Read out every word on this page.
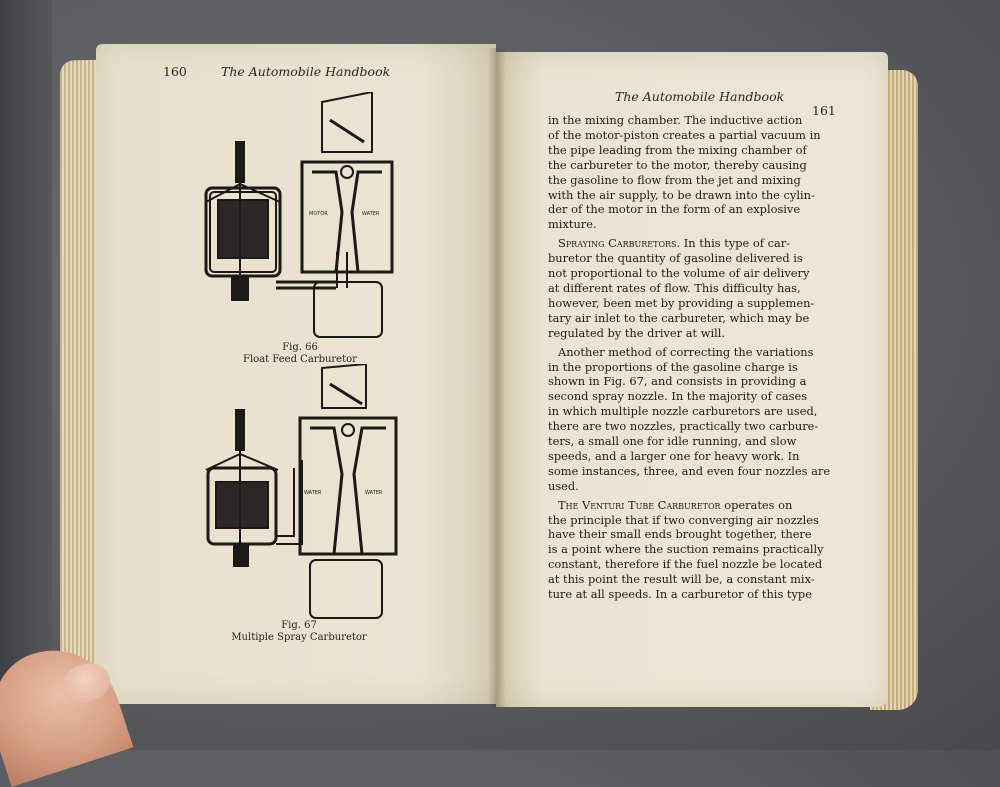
160	The Automobile Handbook
MOTOR	WATER
Fig. 66
Float Feed Carburetor
WATER	WATER
Fig. 67
Multiple Spray Carburetor
The Automobile Handbook
161

in the mixing chamber. The inductive action
of the motor-piston creates a partial vacuum in
the pipe leading from the mixing chamber of
the carbureter to the motor, thereby causing
the gasoline to flow from the jet and mixing
with the air supply, to be drawn into the cylin-
der of the motor in the form of an explosive
mixture.

Spraying Carburetors. In this type of car-
buretor the quantity of gasoline delivered is
not proportional to the volume of air delivery
at different rates of flow. This difficulty has,
however, been met by providing a supplemen-
tary air inlet to the carbureter, which may be
regulated by the driver at will.

Another method of correcting the variations
in the proportions of the gasoline charge is
shown in Fig. 67, and consists in providing a
second spray nozzle. In the majority of cases
in which multiple nozzle carburetors are used,
there are two nozzles, practically two carbure-
ters, a small one for idle running, and slow
speeds, and a larger one for heavy work. In
some instances, three, and even four nozzles are
used.

The Venturi Tube Carburetor operates on
the principle that if two converging air nozzles
have their small ends brought together, there
is a point where the suction remains practically
constant, therefore if the fuel nozzle be located
at this point the result will be, a constant mix-
ture at all speeds. In a carburetor of this type
